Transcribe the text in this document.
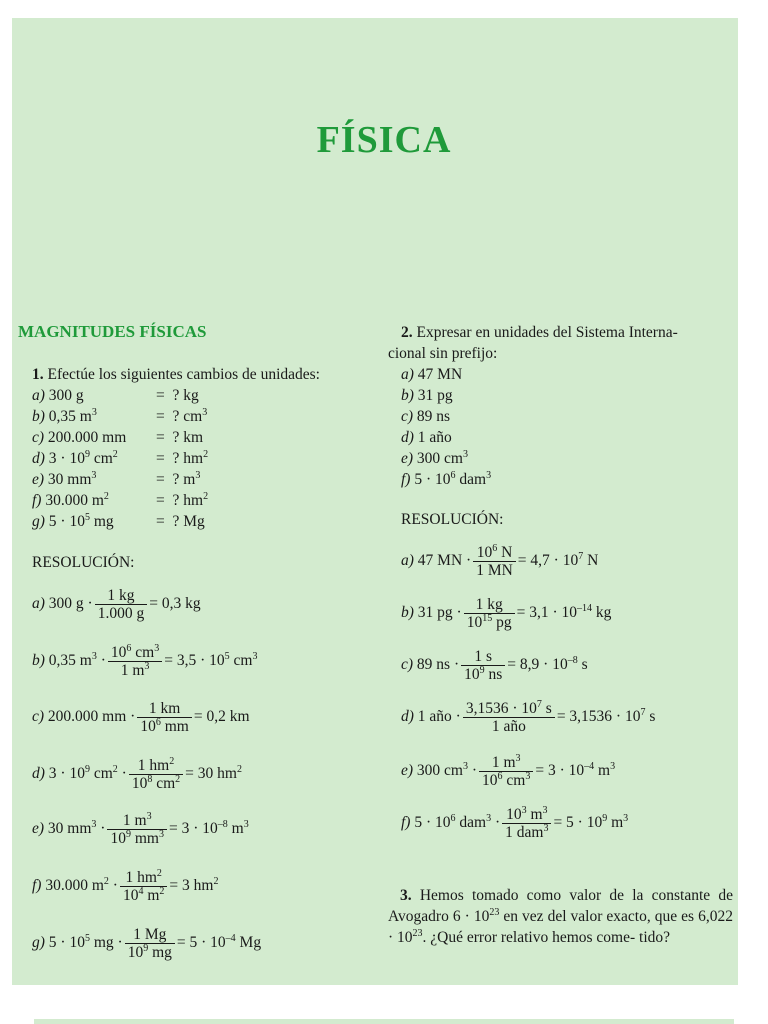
FÍSICA
MAGNITUDES FÍSICAS
1. Efectúe los siguientes cambios de unidades:
a) 300 g	=  ? kg
b) 0,35 $m^3$	=  ? $cm^3$
c) 200.000 mm =  ? km
d) $3 \cdot 10^9$ $cm^2$ =  ? $hm^2$
e) 30 $mm^3$	=  ? $m^3$
f) 30.000 $m^2$	=  ? $hm^2$
g) $5 \cdot 10^5$ mg	=  ? Mg
RESOLUCIÓN:
a)
300 $g \cdot \frac{1 kg}{1.000 g} = 0,3$ kg
b)
0,35 $m^3 \cdot \frac{10^6 cm^3}{1 m^3} = 3,5 \cdot 10^5$ $cm^3$
c)
200.000 mm · $\frac{1 km}{10^6 mm} = 0,2$ km
d)
$3 \cdot 10^9$ $cm^2 \cdot \frac{1 hm^2}{10^8 cm^2} = 30$ $hm^2$
e)
30 $mm^3 \cdot \frac{1 m^3}{10^9 mm^3} = 3 \cdot 10^{-8}$ $m^3$
f)
30.000 $m^2 \cdot \frac{1 hm^2}{10^4 m^2} = 3$ $hm^2$
g)
$5 \cdot 10^5$ mg · $\frac{1 Mg}{10^9 mg} = 5 \cdot 10^{-4}$ Mg
2. Expresar en unidades del Sistema Interna-
cional sin prefijo:
a) 47 MN
b) 31 pg
c) 89 ns
d) 1 año
e) 300 $cm^3$
f) $5 \cdot 10^6$ dam$^3$
RESOLUCIÓN:
a)
47 MN · $\frac{10^6 N}{1 MN} = 4,7 \cdot 10^7$ N
b)
31 pg · $\frac{1 kg}{10^{15} pg} = 3,1 \cdot 10^{-14}$ kg
c)
89 ns · $\frac{1 s}{10^9 ns} = 8,9 \cdot 10^{-8}$ s
d)
1 año · $\frac{3,1536 \cdot 10^7 s}{\text{1 año}} = 3,1536 \cdot 10^7$ s
e)
300 $cm^3 \cdot \frac{1 m^3}{10^6 cm^3} = 3 \cdot 10^{-4}$ $m^3$
f)
$5 \cdot 10^6$ $dam^3 \cdot \frac{10^3 m^3}{1 dam^3} = 5 \cdot 10^9$ $m^3$
3. Hemos tomado como valor de la constante de Avogadro $6 \cdot 10^{23}$ en vez del valor exacto, que es $6,022 \cdot 10^{23}$. ¿Qué error relativo hemos come- tido?
